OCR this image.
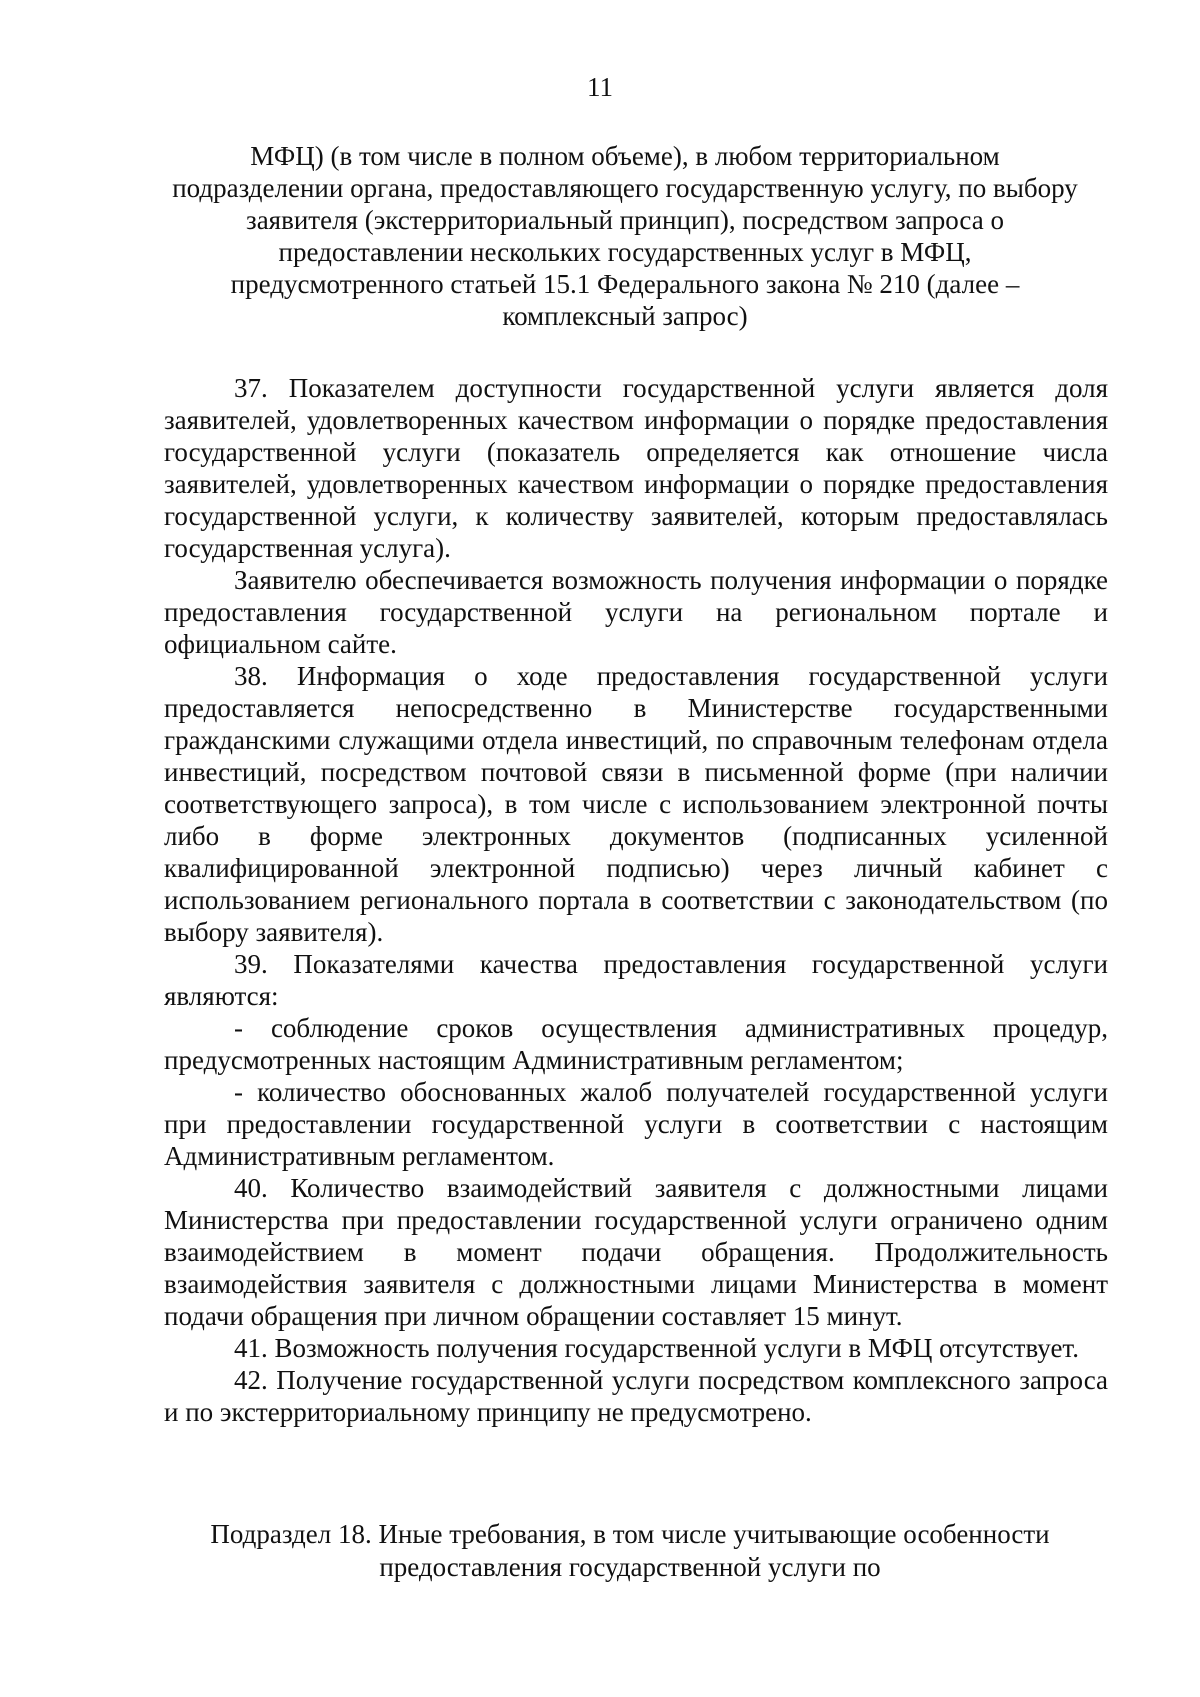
11
МФЦ) (в том числе в полном объеме), в любом территориальном подразделении органа, предоставляющего государственную услугу, по выбору заявителя (экстерриториальный принцип), посредством запроса о предоставлении нескольких государственных услуг в МФЦ, предусмотренного статьей 15.1 Федерального закона № 210 (далее – комплексный запрос)

37. Показателем доступности государственной услуги является доля заявителей, удовлетворенных качеством информации о порядке предоставления государственной услуги (показатель определяется как отношение числа заявителей, удовлетворенных качеством информации о порядке предоставления государственной услуги, к количеству заявителей, которым предоставлялась государственная услуга).

Заявителю обеспечивается возможность получения информации о порядке предоставления государственной услуги на региональном портале и официальном сайте.

38. Информация о ходе предоставления государственной услуги предоставляется непосредственно в Министерстве государственными гражданскими служащими отдела инвестиций, по справочным телефонам отдела инвестиций, посредством почтовой связи в письменной форме (при наличии соответствующего запроса), в том числе с использованием электронной почты либо в форме электронных документов (подписанных усиленной квалифицированной электронной подписью) через личный кабинет с использованием регионального портала в соответствии с законодательством (по выбору заявителя).

39. Показателями качества предоставления государственной услуги являются:

- соблюдение сроков осуществления административных процедур, предусмотренных настоящим Административным регламентом;

- количество обоснованных жалоб получателей государственной услуги при предоставлении государственной услуги в соответствии с настоящим Административным регламентом.

40. Количество взаимодействий заявителя с должностными лицами Министерства при предоставлении государственной услуги ограничено одним взаимодействием в момент подачи обращения. Продолжительность взаимодействия заявителя с должностными лицами Министерства в момент подачи обращения при личном обращении составляет 15 минут.

41. Возможность получения государственной услуги в МФЦ отсутствует.

42. Получение государственной услуги посредством комплексного запроса и по экстерриториальному принципу не предусмотрено.

Подраздел 18. Иные требования, в том числе учитывающие особенности предоставления государственной услуги по
